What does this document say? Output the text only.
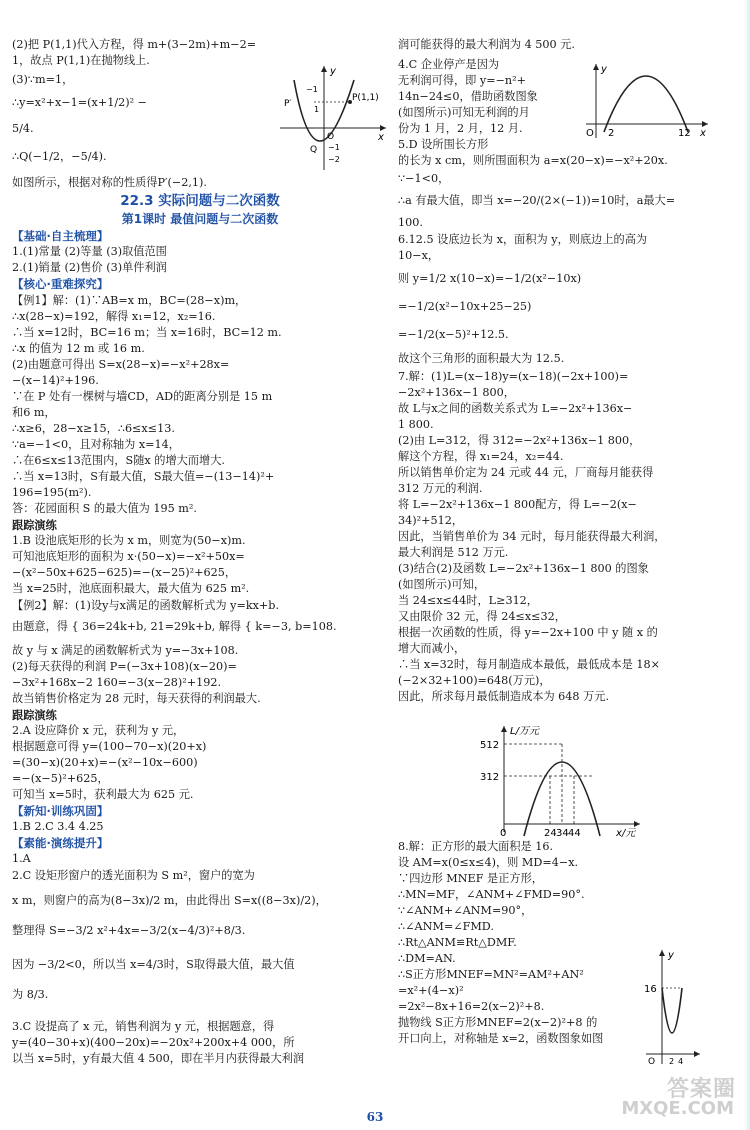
(2)把 P(1,1)代入方程，得 m+(3−2m)+m−2=
1，故点 P(1,1)在抛物线上.
(3)∵m=1，
∴y=x²+x−1=(x+1/2)² −
5/4.
∴Q(−1/2，−5/4).
如图所示，根据对称的性质得P′(−2,1).
22.3 实际问题与二次函数
第1课时 最值问题与二次函数
【基础·自主梳理】
1.(1)常量 (2)等量 (3)取值范围
2.(1)销量 (2)售价 (3)单件利润
【核心·重难探究】
【例1】解：(1)∵AB=x m，BC=(28−x)m，
∴x(28−x)=192，解得 x₁=12，x₂=16.
∴当 x=12时，BC=16 m；当 x=16时，BC=12 m.
∴x 的值为 12 m 或 16 m.
(2)由题意可得出 S=x(28−x)=−x²+28x=
−(x−14)²+196.
∵在 P 处有一棵树与墙CD，AD的距离分别是 15 m
和6 m，
∴x≥6，28−x≥15，∴6≤x≤13.
∵a=−1<0，且对称轴为 x=14，
∴在6≤x≤13范围内，S随x 的增大而增大.
∴当 x=13时，S有最大值，S最大值=−(13−14)²+
196=195(m²).
答：花园面积 S 的最大值为 195 m².
跟踪演练
1.B 设池底矩形的长为 x m，则宽为(50−x)m.
可知池底矩形的面积为 x·(50−x)=−x²+50x=
−(x²−50x+625−625)=−(x−25)²+625，
当 x=25时，池底面积最大，最大值为 625 m².
【例2】解：(1)设y与x满足的函数解析式为 y=kx+b.
由题意，得 { 36=24k+b, 21=29k+b, 解得 { k=−3, b=108.
故 y 与 x 满足的函数解析式为 y=−3x+108.
(2)每天获得的利润 P=(−3x+108)(x−20)=
−3x²+168x−2 160=−3(x−28)²+192.
故当销售价格定为 28 元时，每天获得的利润最大.
跟踪演练
2.A 设应降价 x 元，获利为 y 元，
根据题意可得 y=(100−70−x)(20+x)
=(30−x)(20+x)=−(x²−10x−600)
=−(x−5)²+625，
可知当 x=5时，获利最大为 625 元.
【新知·训练巩固】
1.B 2.C 3.4 4.25
【素能·演练提升】
1.A
2.C 设矩形窗户的透光面积为 S m²，窗户的宽为
x m，则窗户的高为(8−3x)/2 m，由此得出 S=x((8−3x)/2)，
整理得 S=−3/2 x²+4x=−3/2(x−4/3)²+8/3.
因为 −3/2<0，所以当 x=4/3时，S取得最大值，最大值
为 8/3.
3.C 设提高了 x 元，销售利润为 y 元，根据题意，得
y=(40−30+x)(400−20x)=−20x²+200x+4 000，所
以当 x=5时，y有最大值 4 500，即在半月内获得最大利润
润可能获得的最大利润为 4 500 元.
4.C 企业停产是因为
无利润可得，即 y=−n²+
14n−24≤0，借助函数图象
(如图所示)可知无利润的月
份为 1 月，2 月，12 月.
5.D 设所围长方形
的长为 x cm，则所围面积为 a=x(20−x)=−x²+20x.
∵−1<0，
∴a 有最大值，即当 x=−20/(2×(−1))=10时，a最大=
100.
6.12.5 设底边长为 x，面积为 y，则底边上的高为
10−x，
则 y=1/2 x(10−x)=−1/2(x²−10x)
=−1/2(x²−10x+25−25)
=−1/2(x−5)²+12.5.
故这个三角形的面积最大为 12.5.
7.解：(1)L=(x−18)y=(x−18)(−2x+100)=
−2x²+136x−1 800，
故 L与x之间的函数关系式为 L=−2x²+136x−
1 800.
(2)由 L=312，得 312=−2x²+136x−1 800，
解这个方程，得 x₁=24，x₂=44.
所以销售单价定为 24 元或 44 元，厂商每月能获得
312 万元的利润.
将 L=−2x²+136x−1 800配方，得 L=−2(x−
34)²+512，
因此，当销售单价为 34 元时，每月能获得最大利润，
最大利润是 512 万元.
(3)结合(2)及函数 L=−2x²+136x−1 800 的图象
(如图所示)可知，
当 24≤x≤44时，L≥312，
又由限价 32 元，得 24≤x≤32，
根据一次函数的性质，得 y=−2x+100 中 y 随 x 的
增大而减小，
∴当 x=32时，每月制造成本最低，最低成本是 18×
(−2×32+100)=648(万元)，
因此，所求每月最低制造成本为 648 万元.
8.解：正方形的最大面积是 16.
设 AM=x(0≤x≤4)，则 MD=4−x.
∵四边形 MNEF 是正方形，
∴MN=MF，∠ANM+∠FMD=90°.
∵∠ANM+∠ANM=90°，
∴∠ANM=∠FMD.
∴Rt△ANM≌Rt△DMF.
∴DM=AN.
∴S正方形MNEF=MN²=AM²+AN²
=x²+(4−x)²
=2x²−8x+16=2(x−2)²+8.
抛物线 S正方形MNEF=2(x−2)²+8 的
开口向上，对称轴是 x=2，函数图象如图
y
x
P(1,1)
P′
Q
O
1
−1
−2
−1
y
x
O 2	12
L/万元
x/元
512
312
0	24 34 44
y
16
O 2 4
答案圈
MXQE.COM
63
